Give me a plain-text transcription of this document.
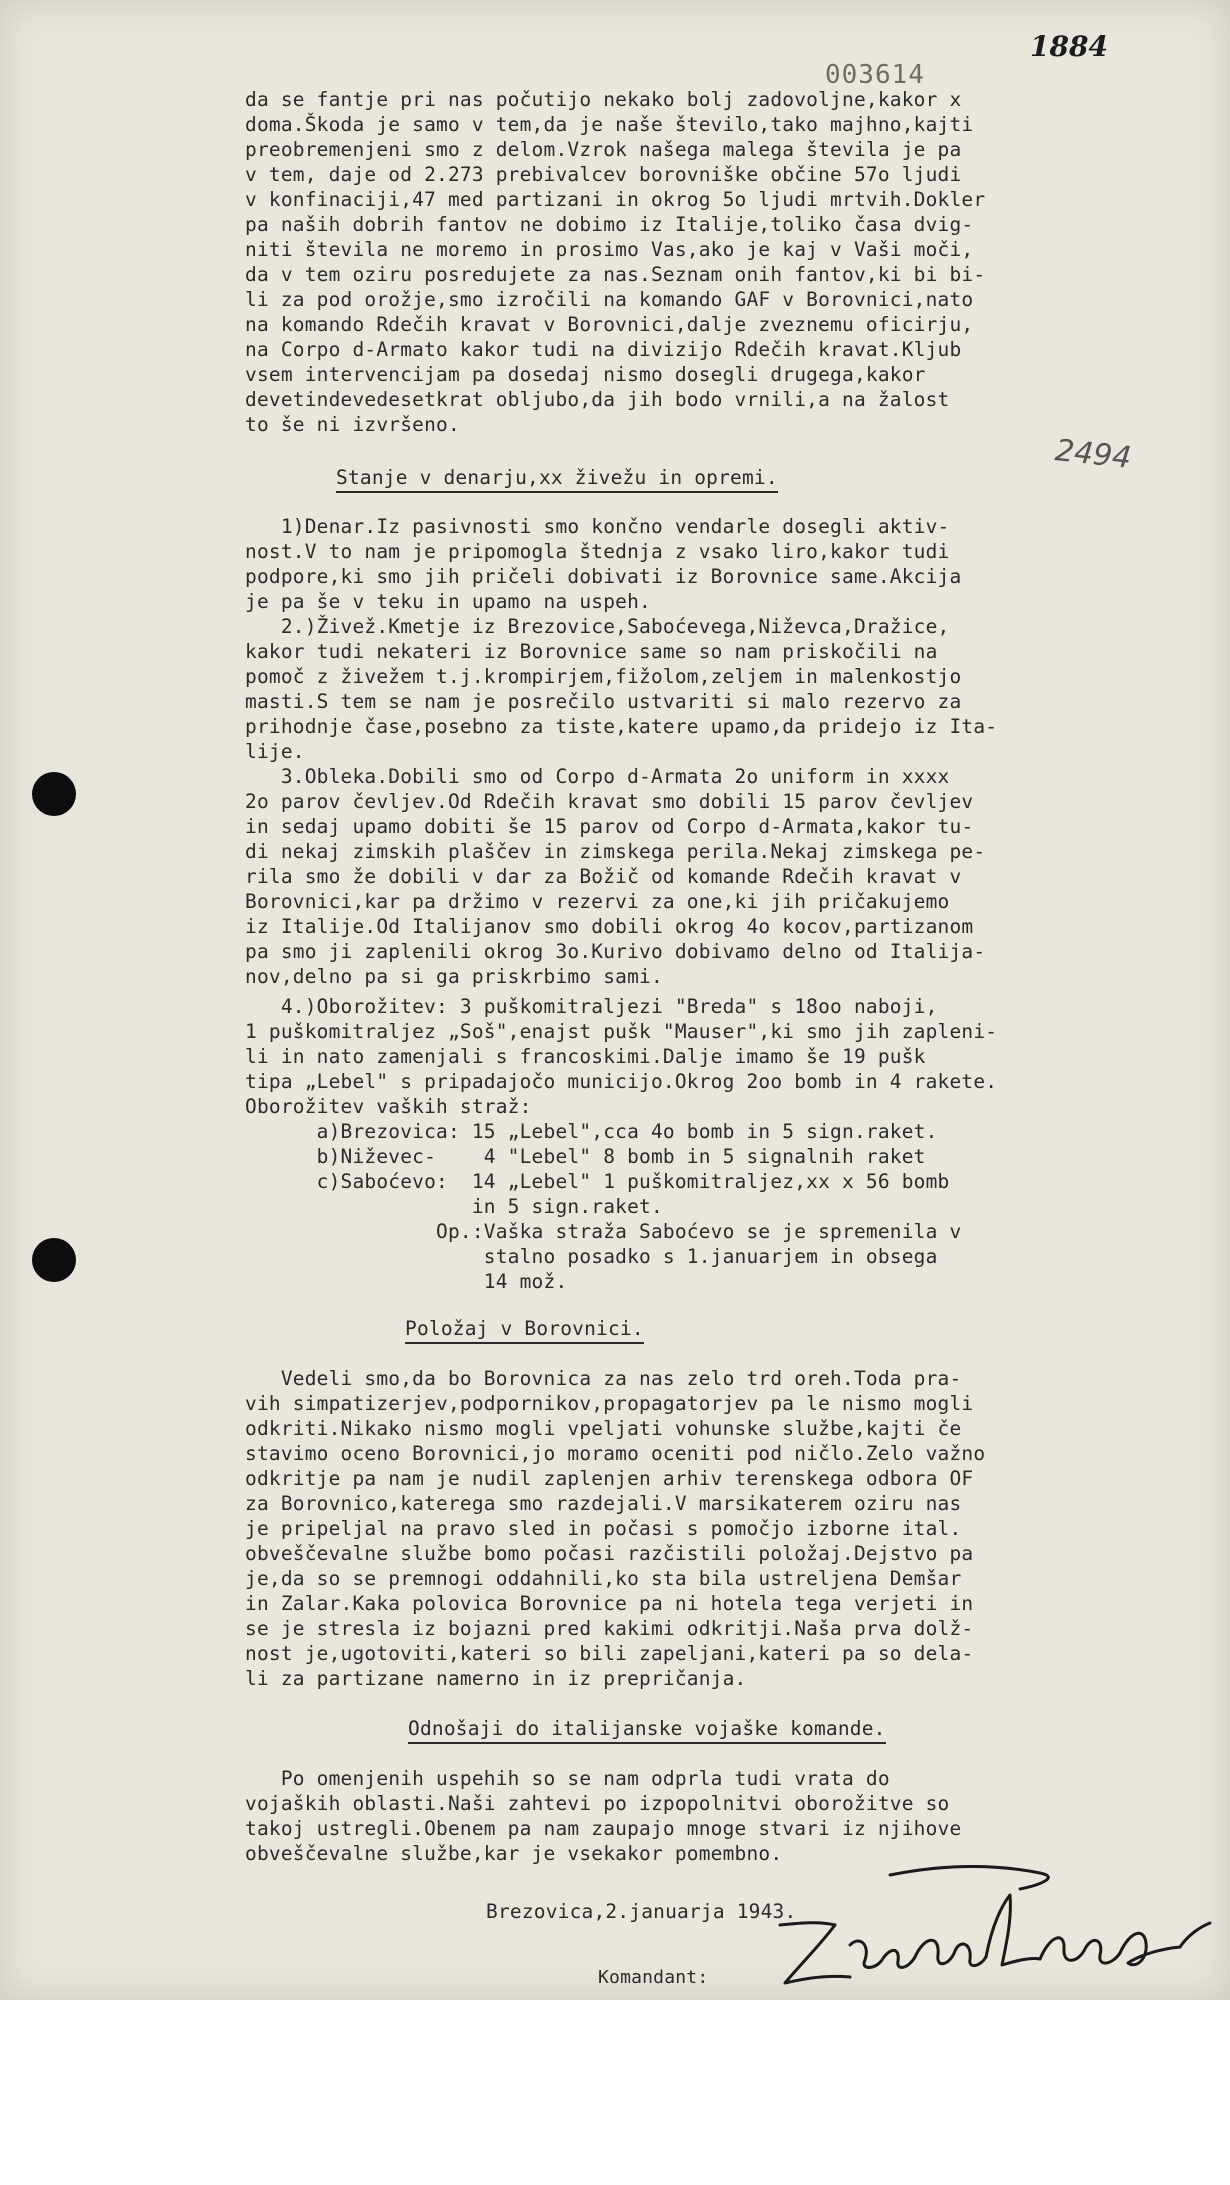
003614
1884
2494

da se fantje pri nas počutijo nekako bolj zadovoljne,kakor x

doma.Škoda je samo v tem,da je naše število,tako majhno,kajti

preobremenjeni smo z delom.Vzrok našega malega števila je pa

v tem, daje od 2.273 prebivalcev borovniške občine 57o ljudi

v konfinaciji,47 med partizani in okrog 5o ljudi mrtvih.Dokler

pa naših dobrih fantov ne dobimo iz Italije,toliko časa dvig-

niti števila ne moremo in prosimo Vas,ako je kaj v Vaši moči,

da v tem oziru posredujete za nas.Seznam onih fantov,ki bi bi-

li za pod orožje,smo izročili na komando GAF v Borovnici,nato

na komando Rdečih kravat v Borovnici,dalje zveznemu oficirju,

na Corpo d-Armato kakor tudi na divizijo Rdečih kravat.Kljub

vsem intervencijam pa dosedaj nismo dosegli drugega,kakor

devetindevedesetkrat obljubo,da jih bodo vrnili,a na žalost

to še ni izvršeno.

Stanje v denarju,xx živežu in opremi.

1)Denar.Iz pasivnosti smo končno vendarle dosegli aktiv-

nost.V to nam je pripomogla štednja z vsako liro,kakor tudi

podpore,ki smo jih pričeli dobivati iz Borovnice same.Akcija

je pa še v teku in upamo na uspeh.

2.)Živež.Kmetje iz Brezovice,Saboćevega,Niževca,Dražice,

kakor tudi nekateri iz Borovnice same so nam priskočili na

pomoč z živežem t.j.krompirjem,fižolom,zeljem in malenkostjo

masti.S tem se nam je posrečilo ustvariti si malo rezervo za

prihodnje čase,posebno za tiste,katere upamo,da pridejo iz Ita-

lije.

3.Obleka.Dobili smo od Corpo d-Armata 2o uniform in xxxx

2o parov čevljev.Od Rdečih kravat smo dobili 15 parov čevljev

in sedaj upamo dobiti še 15 parov od Corpo d-Armata,kakor tu-

di nekaj zimskih plaščev in zimskega perila.Nekaj zimskega pe-

rila smo že dobili v dar za Božič od komande Rdečih kravat v

Borovnici,kar pa držimo v rezervi za one,ki jih pričakujemo

iz Italije.Od Italijanov smo dobili okrog 4o kocov,partizanom

pa smo ji zaplenili okrog 3o.Kurivo dobivamo delno od Italija-

nov,delno pa si ga priskrbimo sami.

4.)Oborožitev: 3 puškomitraljezi "Breda" s 18oo naboji,

1 puškomitraljez „Soš",enajst pušk "Mauser",ki smo jih zapleni-

li in nato zamenjali s francoskimi.Dalje imamo še 19 pušk

tipa „Lebel" s pripadajočo municijo.Okrog 2oo bomb in 4 rakete.

Oborožitev vaških straž:

a)Brezovica: 15 „Lebel",cca 4o bomb in 5 sign.raket.

b)Niževec-    4 "Lebel" 8 bomb in 5 signalnih raket

c)Saboćevo:  14 „Lebel" 1 puškomitraljez,xx x 56 bomb

in 5 sign.raket.

Op.:Vaška straža Saboćevo se je spremenila v

stalno posadko s 1.januarjem in obsega

14 mož.

Položaj v Borovnici.

Vedeli smo,da bo Borovnica za nas zelo trd oreh.Toda pra-

vih simpatizerjev,podpornikov,propagatorjev pa le nismo mogli

odkriti.Nikako nismo mogli vpeljati vohunske službe,kajti če

stavimo oceno Borovnici,jo moramo oceniti pod ničlo.Zelo važno

odkritje pa nam je nudil zaplenjen arhiv terenskega odbora OF

za Borovnico,katerega smo razdejali.V marsikaterem oziru nas

je pripeljal na pravo sled in počasi s pomočjo izborne ital.

obveščevalne službe bomo počasi razčistili položaj.Dejstvo pa

je,da so se premnogi oddahnili,ko sta bila ustreljena Demšar

in Zalar.Kaka polovica Borovnice pa ni hotela tega verjeti in

se je stresla iz bojazni pred kakimi odkritji.Naša prva dolž-

nost je,ugotoviti,kateri so bili zapeljani,kateri pa so dela-

li za partizane namerno in iz prepričanja.

Odnošaji do italijanske vojaške komande.

Po omenjenih uspehih so se nam odprla tudi vrata do

vojaških oblasti.Naši zahtevi po izpopolnitvi oborožitve so

takoj ustregli.Obenem pa nam zaupajo mnoge stvari iz njihove

obveščevalne službe,kar je vsekakor pomembno.

Brezovica,2.januarja 1943.

Komandant:
